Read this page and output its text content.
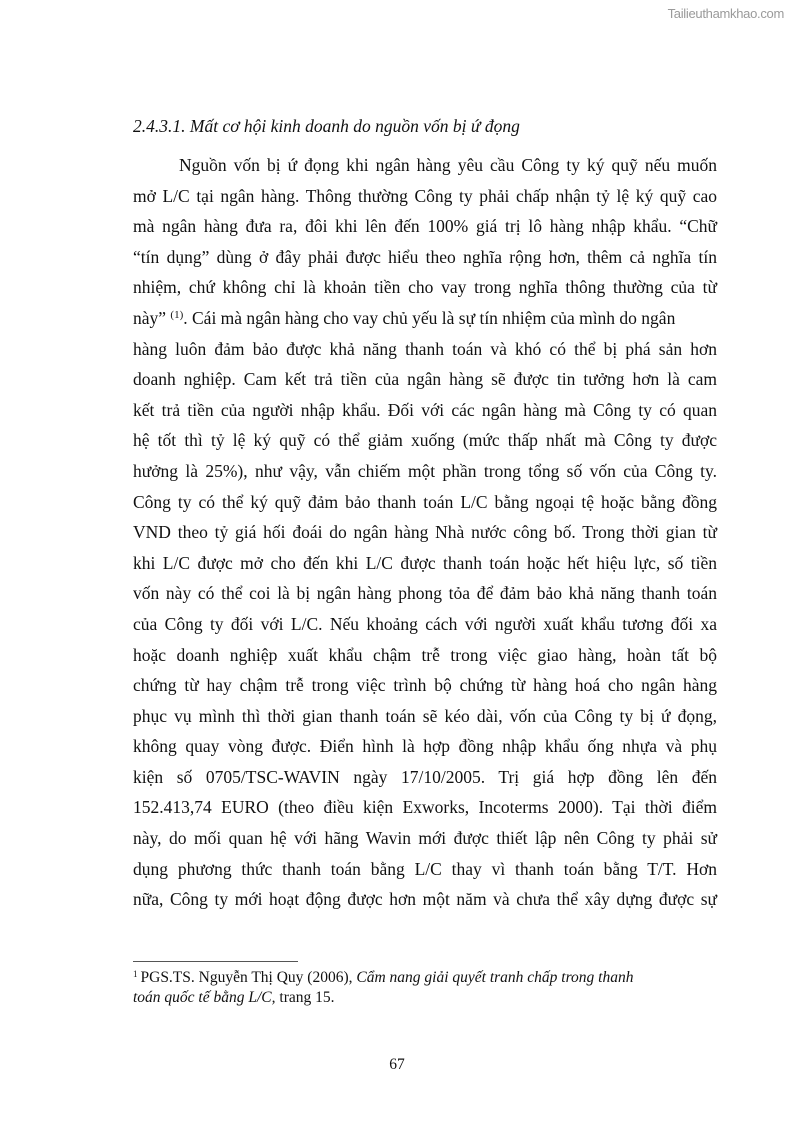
Tailieuthamkhao.com
2.4.3.1. Mất cơ hội kinh doanh do nguồn vốn bị ứ đọng
Nguồn vốn bị ứ đọng khi ngân hàng yêu cầu Công ty ký quỹ nếu muốn
mở L/C tại ngân hàng. Thông thường Công ty phải chấp nhận tỷ lệ ký quỹ cao
mà ngân hàng đưa ra, đôi khi lên đến 100% giá trị lô hàng nhập khẩu. “Chữ
“tín dụng” dùng ở đây phải được hiểu theo nghĩa rộng hơn, thêm cả nghĩa tín
nhiệm, chứ không chỉ là khoản tiền cho vay trong nghĩa thông thường của từ
này” $^{(1)}$. Cái mà ngân hàng cho vay chủ yếu là sự tín nhiệm của mình do ngân
hàng luôn đảm bảo được khả năng thanh toán và khó có thể bị phá sản hơn
doanh nghiệp. Cam kết trả tiền của ngân hàng sẽ được tin tưởng hơn là cam
kết trả tiền của người nhập khẩu. Đối với các ngân hàng mà Công ty có quan
hệ tốt thì tỷ lệ ký quỹ có thể giảm xuống (mức thấp nhất mà Công ty được
hưởng là 25%), như vậy, vẫn chiếm một phần trong tổng số vốn của Công ty.
Công ty có thể ký quỹ đảm bảo thanh toán L/C bằng ngoại tệ hoặc bằng đồng
VND theo tỷ giá hối đoái do ngân hàng Nhà nước công bố. Trong thời gian từ
khi L/C được mở cho đến khi L/C được thanh toán hoặc hết hiệu lực, số tiền
vốn này có thể coi là bị ngân hàng phong tỏa để đảm bảo khả năng thanh toán
của Công ty đối với L/C. Nếu khoảng cách với người xuất khẩu tương đối xa
hoặc doanh nghiệp xuất khẩu chậm trễ trong việc giao hàng, hoàn tất bộ
chứng từ hay chậm trễ trong việc trình bộ chứng từ hàng hoá cho ngân hàng
phục vụ mình thì thời gian thanh toán sẽ kéo dài, vốn của Công ty bị ứ đọng,
không quay vòng được. Điển hình là hợp đồng nhập khẩu ống nhựa và phụ
kiện số 0705/TSC-WAVIN ngày 17/10/2005. Trị giá hợp đồng lên đến
152.413,74 EURO (theo điều kiện Exworks, Incoterms 2000). Tại thời điểm
này, do mối quan hệ với hãng Wavin mới được thiết lập nên Công ty phải sử
dụng phương thức thanh toán bằng L/C thay vì thanh toán bằng T/T. Hơn
nữa, Công ty mới hoạt động được hơn một năm và chưa thể xây dựng được sự
$^1$ PGS.TS. Nguyễn Thị Quy (2006), Cẩm nang giải quyết tranh chấp trong thanh
toán quốc tế bằng L/C, trang 15.
67
